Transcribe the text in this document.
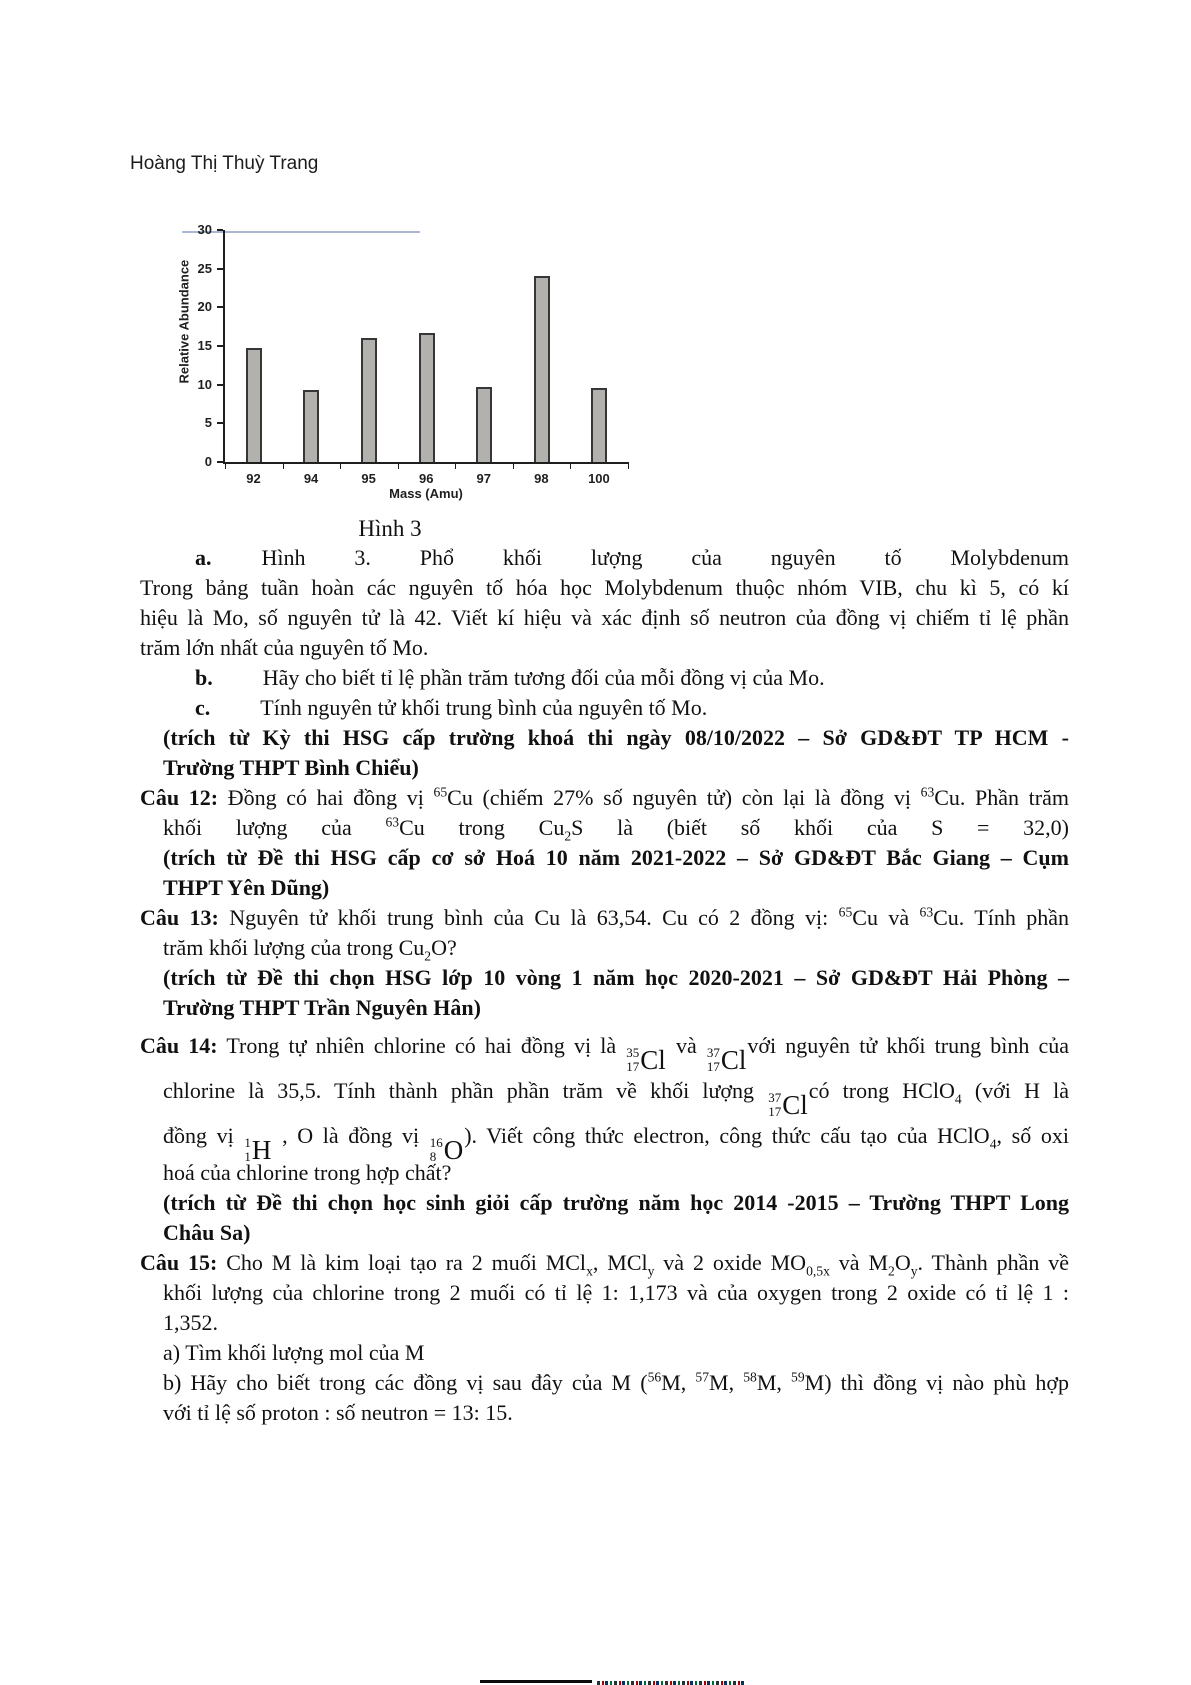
Hoàng Thị Thuỳ Trang
Relative Abundance
Mass (Amu)
0
5
10
15
20
25
30
92	94	95	96	97	98	100
Hình 3
a. Hình 3. Phổ khối lượng của nguyên tố Molybdenum
Trong bảng tuần hoàn các nguyên tố hóa học Molybdenum thuộc nhóm VIB, chu kì 5, có kí
hiệu là Mo, số nguyên tử là 42. Viết kí hiệu và xác định số neutron của đồng vị chiếm tỉ lệ phần
trăm lớn nhất của nguyên tố Mo.
b. Hãy cho biết tỉ lệ phần trăm tương đối của mỗi đồng vị của Mo.
c. Tính nguyên tử khối trung bình của nguyên tố Mo.
(trích từ Kỳ thi HSG cấp trường khoá thi ngày 08/10/2022 – Sở GD&ĐT TP HCM -
Trường THPT Bình Chiểu)
Câu 12: Đồng có hai đồng vị $^{65}$Cu (chiếm 27% số nguyên tử) còn lại là đồng vị $^{63}$Cu. Phần trăm
khối lượng của $^{63}$Cu trong $Cu_2S$ là (biết số khối của S = 32,0)
(trích từ Đề thi HSG cấp cơ sở Hoá 10 năm 2021-2022 – Sở GD&ĐT Bắc Giang – Cụm
THPT Yên Dũng)
Câu 13: Nguyên tử khối trung bình của Cu là 63,54. Cu có 2 đồng vị: $^{65}$Cu và $^{63}$Cu. Tính phần
trăm khối lượng của trong $Cu_2O$?
(trích từ Đề thi chọn HSG lớp 10 vòng 1 năm học 2020-2021 – Sở GD&ĐT Hải Phòng –
Trường THPT Trần Nguyên Hân)
Câu 14: Trong tự nhiên chlorine có hai đồng vị là 35
17 Cl và 37
17 Cl với nguyên tử khối trung bình của
chlorine là 35,5. Tính thành phần phần trăm về khối lượng 37
17 Cl có trong HClO$_4$ (với H là
đồng vị 1
1 H , O là đồng vị 16
8 O ). Viết công thức electron, công thức cấu tạo của HClO$_4$, số oxi
hoá của chlorine trong hợp chất?
(trích từ Đề thi chọn học sinh giỏi cấp trường năm học 2014 -2015 – Trường THPT Long
Châu Sa)
Câu 15: Cho M là kim loại tạo ra 2 muối MCl$_x$, MCl$_y$ và 2 oxide $MO_{0,5x}$ và $M_2O_y$. Thành phần về
khối lượng của chlorine trong 2 muối có tỉ lệ 1: 1,173 và của oxygen trong 2 oxide có tỉ lệ 1 :
1,352.
a) Tìm khối lượng mol của M
b) Hãy cho biết trong các đồng vị sau đây của M ($^{56}$M, $^{57}$M, $^{58}$M, $^{59}$M) thì đồng vị nào phù hợp
với tỉ lệ số proton : số neutron = 13: 15.
